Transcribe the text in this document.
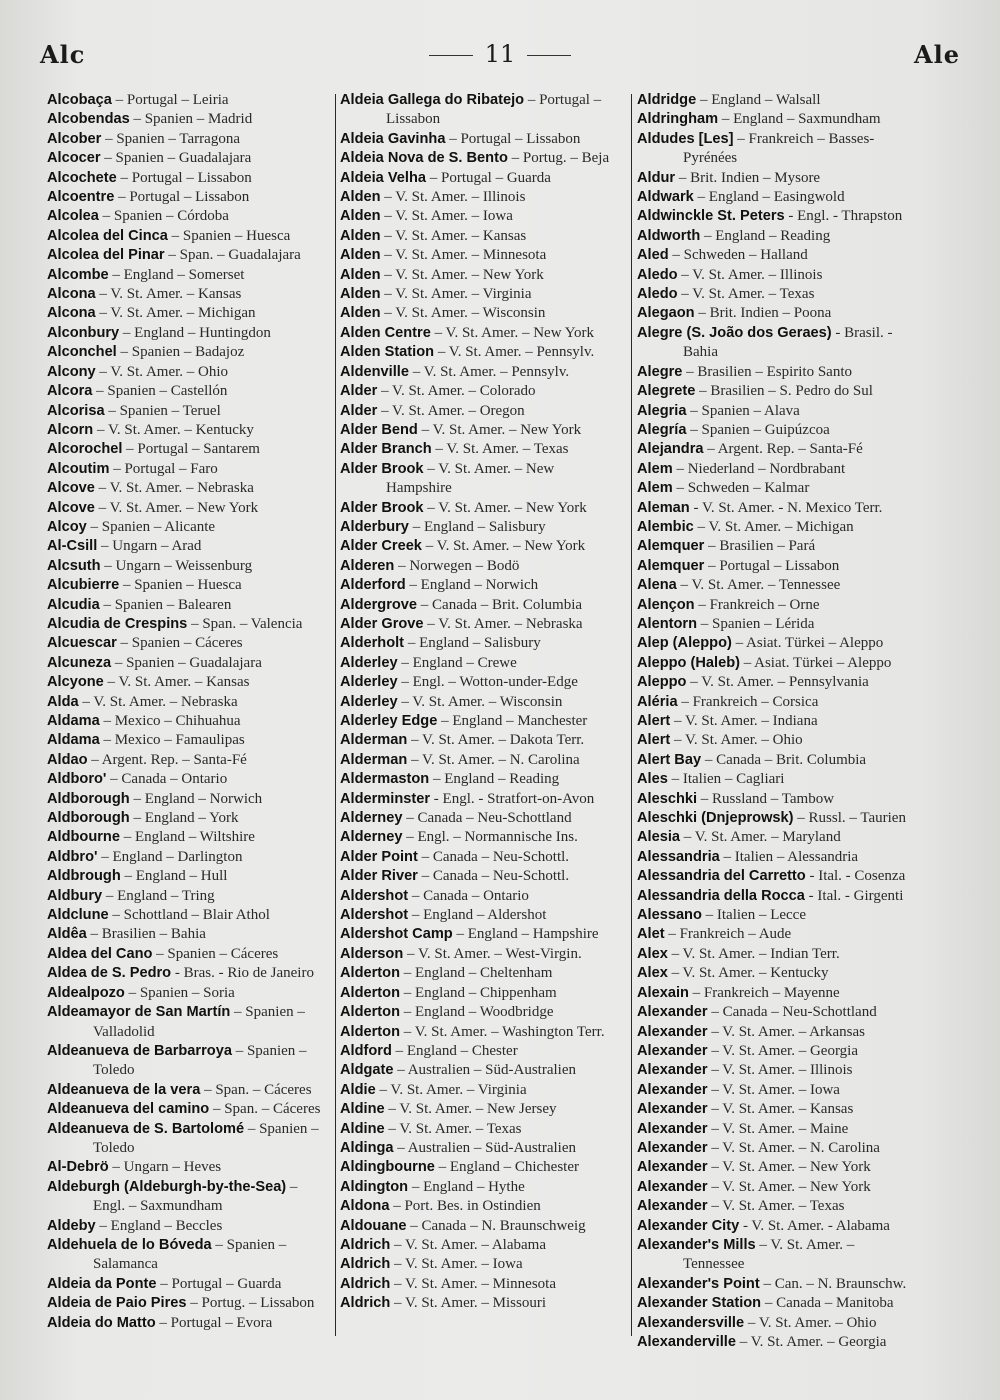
Alc	11	Ale
Alcobaça – Portugal – Leiria
Alcobendas – Spanien – Madrid
Alcober – Spanien – Tarragona
Alcocer – Spanien – Guadalajara
Alcochete – Portugal – Lissabon
Alcoentre – Portugal – Lissabon
Alcolea – Spanien – Córdoba
Alcolea del Cinca – Spanien – Huesca
Alcolea del Pinar – Span. – Guadalajara
Alcombe – England – Somerset
Alcona – V. St. Amer. – Kansas
Alcona – V. St. Amer. – Michigan
Alconbury – England – Huntingdon
Alconchel – Spanien – Badajoz
Alcony – V. St. Amer. – Ohio
Alcora – Spanien – Castellón
Alcorisa – Spanien – Teruel
Alcorn – V. St. Amer. – Kentucky
Alcorochel – Portugal – Santarem
Alcoutim – Portugal – Faro
Alcove – V. St. Amer. – Nebraska
Alcove – V. St. Amer. – New York
Alcoy – Spanien – Alicante
Al-Csill – Ungarn – Arad
Alcsuth – Ungarn – Weissenburg
Alcubierre – Spanien – Huesca
Alcudia – Spanien – Balearen
Alcudia de Crespins – Span. – Valencia
Alcuescar – Spanien – Cáceres
Alcuneza – Spanien – Guadalajara
Alcyone – V. St. Amer. – Kansas
Alda – V. St. Amer. – Nebraska
Aldama – Mexico – Chihuahua
Aldama – Mexico – Famaulipas
Aldao – Argent. Rep. – Santa-Fé
Aldboro' – Canada – Ontario
Aldborough – England – Norwich
Aldborough – England – York
Aldbourne – England – Wiltshire
Aldbro' – England – Darlington
Aldbrough – England – Hull
Aldbury – England – Tring
Aldclune – Schottland – Blair Athol
Aldêa – Brasilien – Bahia
Aldea del Cano – Spanien – Cáceres
Aldea de S. Pedro - Bras. - Rio de Janeiro
Aldealpozo – Spanien – Soria
Aldeamayor de San Martín – Spanien – Valladolid
Aldeanueva de Barbarroya – Spanien – Toledo
Aldeanueva de la vera – Span. – Cáceres
Aldeanueva del camino – Span. – Cáceres
Aldeanueva de S. Bartolomé – Spanien – Toledo
Al-Debrö – Ungarn – Heves
Aldeburgh (Aldeburgh-by-the-Sea) – Engl. – Saxmundham
Aldeby – England – Beccles
Aldehuela de lo Bóveda – Spanien – Salamanca
Aldeia da Ponte – Portugal – Guarda
Aldeia de Paio Pires – Portug. – Lissabon
Aldeia do Matto – Portugal – Evora
Aldeia Gallega do Ribatejo – Portugal – Lissabon
Aldeia Gavinha – Portugal – Lissabon
Aldeia Nova de S. Bento – Portug. – Beja
Aldeia Velha – Portugal – Guarda
Alden – V. St. Amer. – Illinois
Alden – V. St. Amer. – Iowa
Alden – V. St. Amer. – Kansas
Alden – V. St. Amer. – Minnesota
Alden – V. St. Amer. – New York
Alden – V. St. Amer. – Virginia
Alden – V. St. Amer. – Wisconsin
Alden Centre – V. St. Amer. – New York
Alden Station – V. St. Amer. – Pennsylv.
Aldenville – V. St. Amer. – Pennsylv.
Alder – V. St. Amer. – Colorado
Alder – V. St. Amer. – Oregon
Alder Bend – V. St. Amer. – New York
Alder Branch – V. St. Amer. – Texas
Alder Brook – V. St. Amer. – New Hampshire
Alder Brook – V. St. Amer. – New York
Alderbury – England – Salisbury
Alder Creek – V. St. Amer. – New York
Alderen – Norwegen – Bodö
Alderford – England – Norwich
Aldergrove – Canada – Brit. Columbia
Alder Grove – V. St. Amer. – Nebraska
Alderholt – England – Salisbury
Alderley – England – Crewe
Alderley – Engl. – Wotton-under-Edge
Alderley – V. St. Amer. – Wisconsin
Alderley Edge – England – Manchester
Alderman – V. St. Amer. – Dakota Terr.
Alderman – V. St. Amer. – N. Carolina
Aldermaston – England – Reading
Alderminster - Engl. - Stratfort-on-Avon
Alderney – Canada – Neu-Schottland
Alderney – Engl. – Normannische Ins.
Alder Point – Canada – Neu-Schottl.
Alder River – Canada – Neu-Schottl.
Aldershot – Canada – Ontario
Aldershot – England – Aldershot
Aldershot Camp – England – Hampshire
Alderson – V. St. Amer. – West-Virgin.
Alderton – England – Cheltenham
Alderton – England – Chippenham
Alderton – England – Woodbridge
Alderton – V. St. Amer. – Washington Terr.
Aldford – England – Chester
Aldgate – Australien – Süd-Australien
Aldie – V. St. Amer. – Virginia
Aldine – V. St. Amer. – New Jersey
Aldine – V. St. Amer. – Texas
Aldinga – Australien – Süd-Australien
Aldingbourne – England – Chichester
Aldington – England – Hythe
Aldona – Port. Bes. in Ostindien
Aldouane – Canada – N. Braunschweig
Aldrich – V. St. Amer. – Alabama
Aldrich – V. St. Amer. – Iowa
Aldrich – V. St. Amer. – Minnesota
Aldrich – V. St. Amer. – Missouri
Aldridge – England – Walsall
Aldringham – England – Saxmundham
Aldudes [Les] – Frankreich – Basses-Pyrénées
Aldur – Brit. Indien – Mysore
Aldwark – England – Easingwold
Aldwinckle St. Peters - Engl. - Thrapston
Aldworth – England – Reading
Aled – Schweden – Halland
Aledo – V. St. Amer. – Illinois
Aledo – V. St. Amer. – Texas
Alegaon – Brit. Indien – Poona
Alegre (S. João dos Geraes) - Brasil. - Bahia
Alegre – Brasilien – Espirito Santo
Alegrete – Brasilien – S. Pedro do Sul
Alegria – Spanien – Alava
Alegría – Spanien – Guipúzcoa
Alejandra – Argent. Rep. – Santa-Fé
Alem – Niederland – Nordbrabant
Alem – Schweden – Kalmar
Aleman - V. St. Amer. - N. Mexico Terr.
Alembic – V. St. Amer. – Michigan
Alemquer – Brasilien – Pará
Alemquer – Portugal – Lissabon
Alena – V. St. Amer. – Tennessee
Alençon – Frankreich – Orne
Alentorn – Spanien – Lérida
Alep (Aleppo) – Asiat. Türkei – Aleppo
Aleppo (Haleb) – Asiat. Türkei – Aleppo
Aleppo – V. St. Amer. – Pennsylvania
Aléria – Frankreich – Corsica
Alert – V. St. Amer. – Indiana
Alert – V. St. Amer. – Ohio
Alert Bay – Canada – Brit. Columbia
Ales – Italien – Cagliari
Aleschki – Russland – Tambow
Aleschki (Dnjeprowsk) – Russl. – Taurien
Alesia – V. St. Amer. – Maryland
Alessandria – Italien – Alessandria
Alessandria del Carretto - Ital. - Cosenza
Alessandria della Rocca - Ital. - Girgenti
Alessano – Italien – Lecce
Alet – Frankreich – Aude
Alex – V. St. Amer. – Indian Terr.
Alex – V. St. Amer. – Kentucky
Alexain – Frankreich – Mayenne
Alexander – Canada – Neu-Schottland
Alexander – V. St. Amer. – Arkansas
Alexander – V. St. Amer. – Georgia
Alexander – V. St. Amer. – Illinois
Alexander – V. St. Amer. – Iowa
Alexander – V. St. Amer. – Kansas
Alexander – V. St. Amer. – Maine
Alexander – V. St. Amer. – N. Carolina
Alexander – V. St. Amer. – New York
Alexander – V. St. Amer. – New York
Alexander – V. St. Amer. – Texas
Alexander City - V. St. Amer. - Alabama
Alexander's Mills – V. St. Amer. – Tennessee
Alexander's Point – Can. – N. Braunschw.
Alexander Station – Canada – Manitoba
Alexandersville – V. St. Amer. – Ohio
Alexanderville – V. St. Amer. – Georgia
